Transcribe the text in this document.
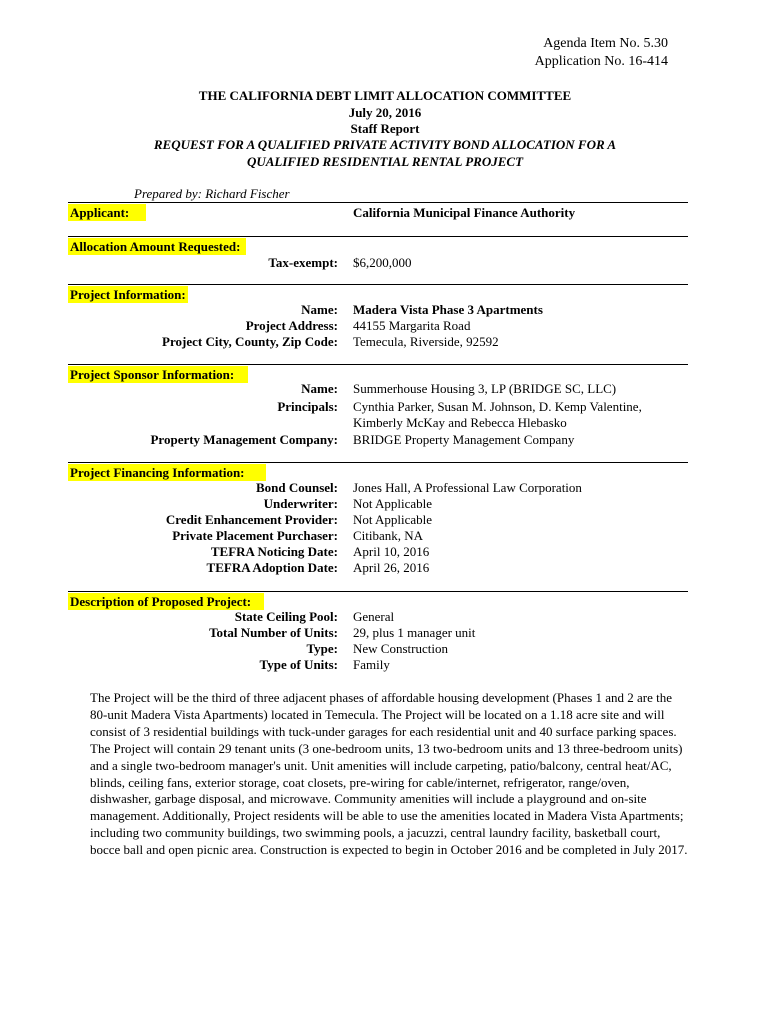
Agenda Item No. 5.30
Application No. 16-414
THE CALIFORNIA DEBT LIMIT ALLOCATION COMMITTEE
July 20, 2016
Staff Report
REQUEST FOR A QUALIFIED PRIVATE ACTIVITY BOND ALLOCATION FOR A
QUALIFIED RESIDENTIAL RENTAL PROJECT
Prepared by: Richard Fischer
Applicant:	California Municipal Finance Authority
Allocation Amount Requested:
Tax-exempt: $6,200,000
Project Information:
Name: Madera Vista Phase 3 Apartments
Project Address: 44155 Margarita Road
Project City, County, Zip Code: Temecula, Riverside, 92592
Project Sponsor Information:
Name: Summerhouse Housing 3, LP (BRIDGE SC, LLC)
Principals: Cynthia Parker, Susan M. Johnson, D. Kemp Valentine,
Kimberly McKay and Rebecca Hlebasko
Property Management Company: BRIDGE Property Management Company
Project Financing Information:
Bond Counsel: Jones Hall, A Professional Law Corporation
Underwriter: Not Applicable
Credit Enhancement Provider: Not Applicable
Private Placement Purchaser: Citibank, NA
TEFRA Noticing Date: April 10, 2016
TEFRA Adoption Date: April 26, 2016
Description of Proposed Project:
State Ceiling Pool: General
Total Number of Units: 29, plus 1 manager unit
Type: New Construction
Type of Units: Family
The Project will be the third of three adjacent phases of affordable housing development (Phases 1 and 2 are the 80-unit Madera Vista Apartments) located in Temecula. The Project will be located on a 1.18 acre site and will consist of 3 residential buildings with tuck-under garages for each residential unit and 40 surface parking spaces. The Project will contain 29 tenant units (3 one-bedroom units, 13 two-bedroom units and 13 three-bedroom units) and a single two-bedroom manager's unit. Unit amenities will include carpeting, patio/balcony, central heat/AC, blinds, ceiling fans, exterior storage, coat closets, pre-wiring for cable/internet, refrigerator, range/oven, dishwasher, garbage disposal, and microwave. Community amenities will include a playground and on-site management. Additionally, Project residents will be able to use the amenities located in Madera Vista Apartments; including two community buildings, two swimming pools, a jacuzzi, central laundry facility, basketball court, bocce ball and open picnic area. Construction is expected to begin in October 2016 and be completed in July 2017.
